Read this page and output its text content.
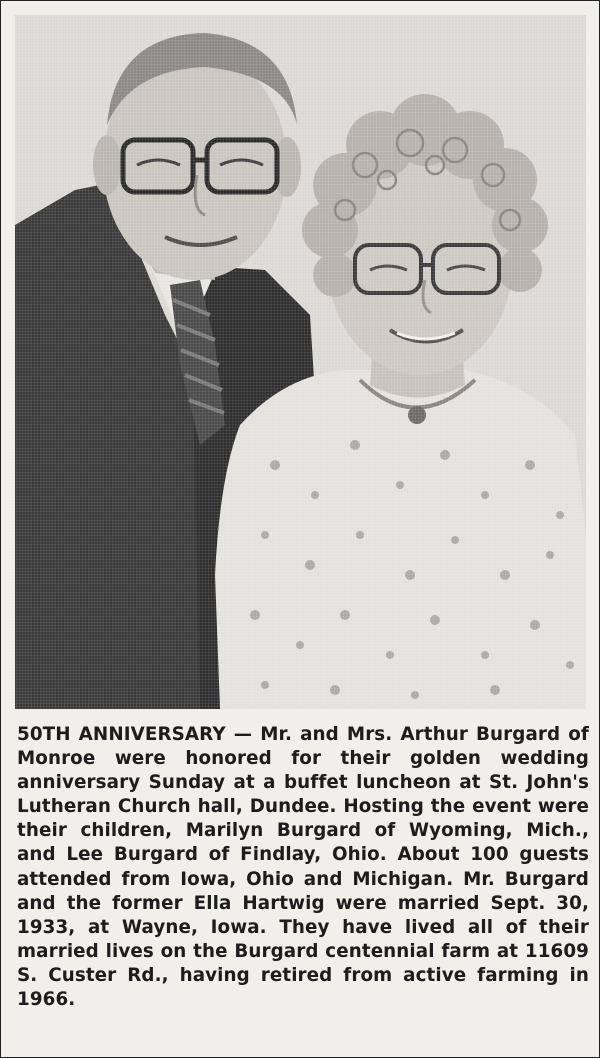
50TH ANNIVERSARY — Mr. and Mrs. Arthur Burgard of Monroe were honored for their golden wedding anniversary Sunday at a buffet luncheon at St. John's Lutheran Church hall, Dundee. Hosting the event were their children, Marilyn Burgard of Wyoming, Mich., and Lee Burgard of Findlay, Ohio. About 100 guests attended from Iowa, Ohio and Michigan. Mr. Burgard and the former Ella Hartwig were married Sept. 30, 1933, at Wayne, Iowa. They have lived all of their married lives on the Burgard centennial farm at 11609 S. Custer Rd., having retired from active farming in 1966.
